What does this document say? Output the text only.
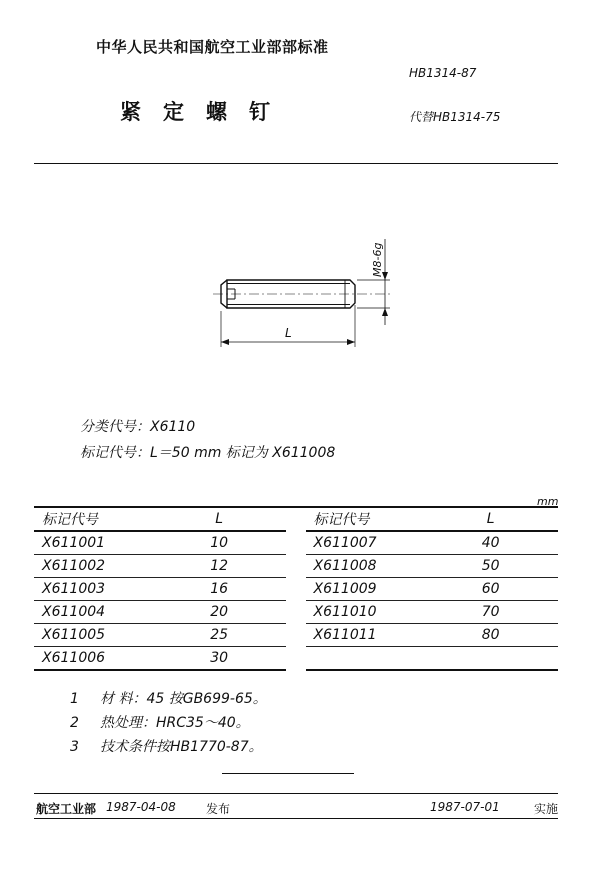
中华人民共和国航空工业部部标准
HB1314-87
紧定螺钉	代替HB1314-75
M8-6g
L
分类代号：X6110
标记代号：L＝50 mm 标记为 X611008
mm
标记代号	L		标记代号	L
X611001	10		X611007	40
X611002	12		X611008	50
X611003	16		X611009	60
X611004	20		X611010	70
X611005	25		X611011	80
X611006	30			
1 材 料：45 按GB699-65。
2 热处理：HRC35～40。
3 技术条件按HB1770-87。
航空工业部 1987-04-08	发布	1987-07-01	实施
